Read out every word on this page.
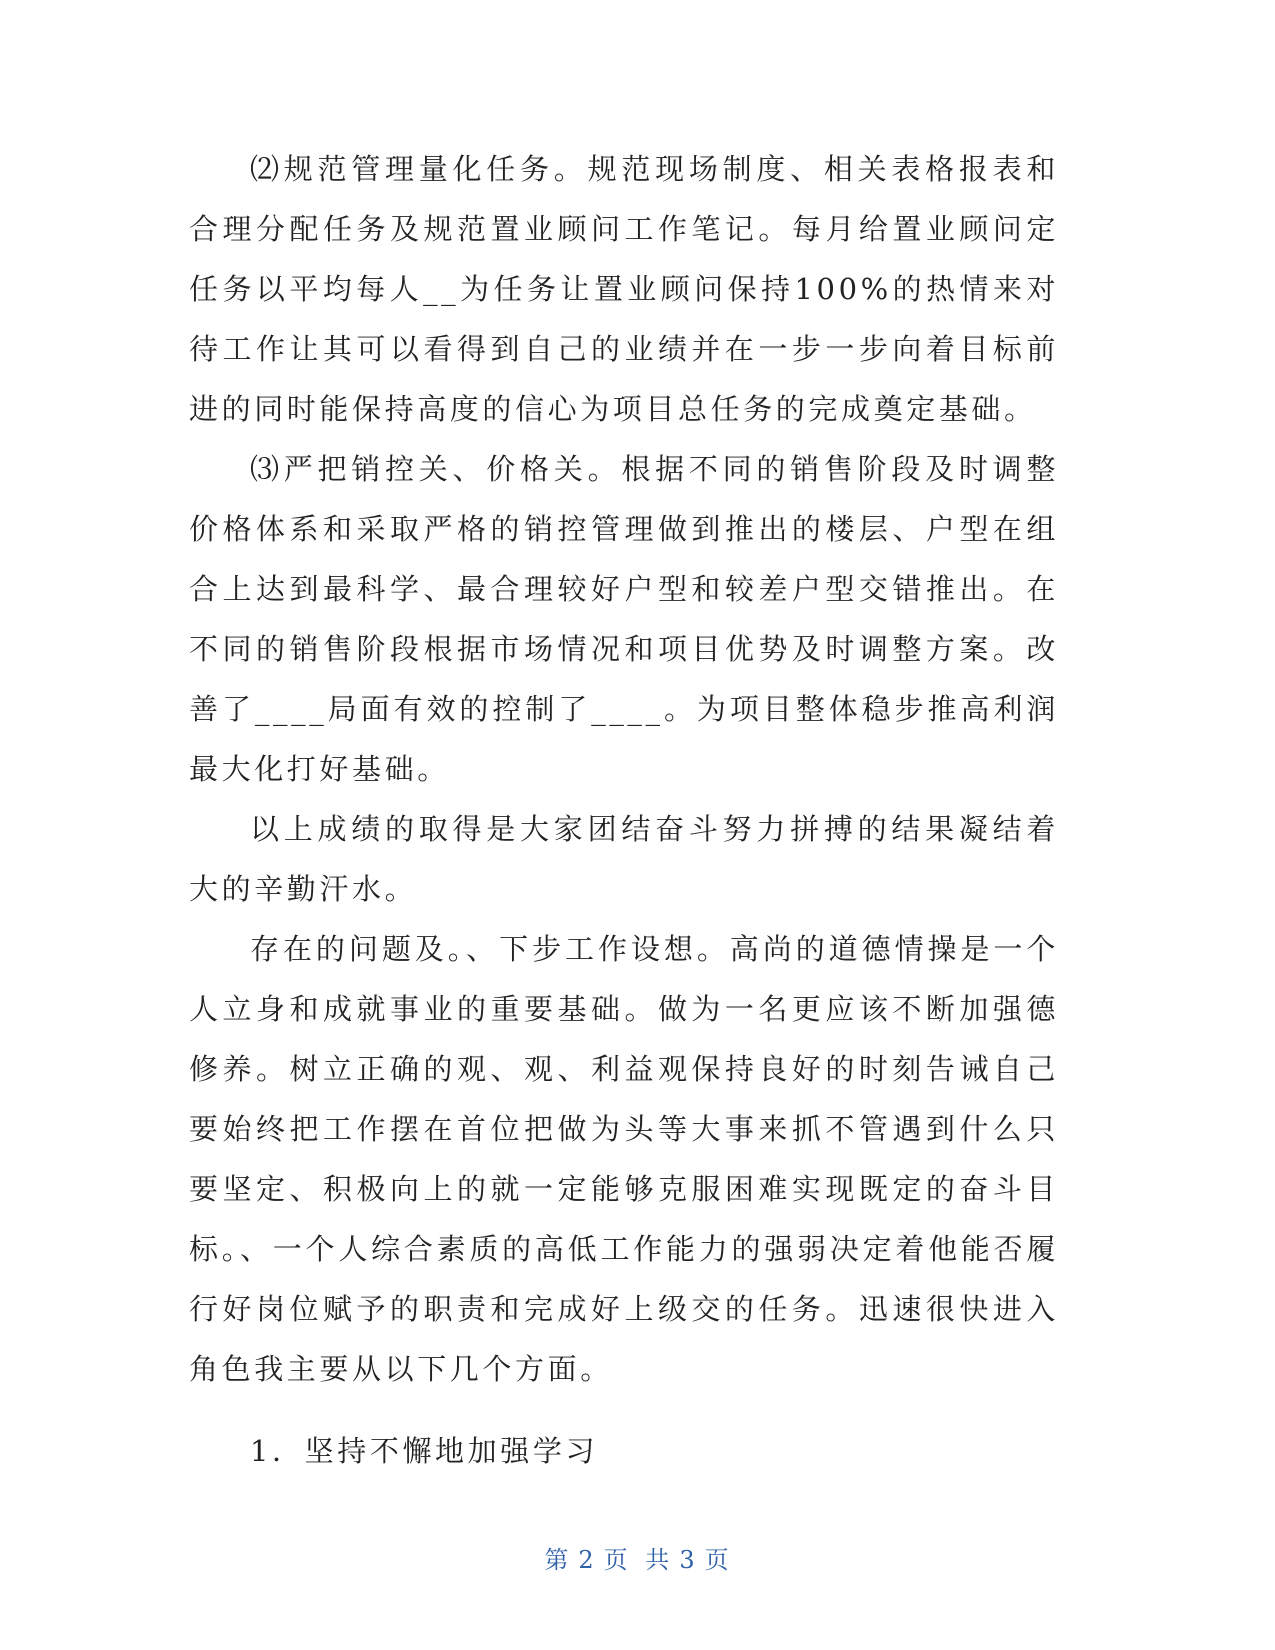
⑵规范管理量化任务。规范现场制度、相关表格报表和合理分配任务及规范置业顾问工作笔记。每月给置业顾问定任务以平均每人__为任务让置业顾问保持100%的热情来对待工作让其可以看得到自己的业绩并在一步一步向着目标前进的同时能保持高度的信心为项目总任务的完成奠定基础。

⑶严把销控关、价格关。根据不同的销售阶段及时调整价格体系和采取严格的销控管理做到推出的楼层、户型在组合上达到最科学、最合理较好户型和较差户型交错推出。在不同的销售阶段根据市场情况和项目优势及时调整方案。改善了____局面有效的控制了____。为项目整体稳步推高利润最大化打好基础。

以上成绩的取得是大家团结奋斗努力拼搏的结果凝结着大的辛勤汗水。

存在的问题及。、下步工作设想。高尚的道德情操是一个人立身和成就事业的重要基础。做为一名更应该不断加强德修养。树立正确的观、观、利益观保持良好的时刻告诫自己要始终把工作摆在首位把做为头等大事来抓不管遇到什么只要坚定、积极向上的就一定能够克服困难实现既定的奋斗目标。、一个人综合素质的高低工作能力的强弱决定着他能否履行好岗位赋予的职责和完成好上级交的任务。迅速很快进入角色我主要从以下几个方面。

1．坚持不懈地加强学习

第 2 页 共 3 页
